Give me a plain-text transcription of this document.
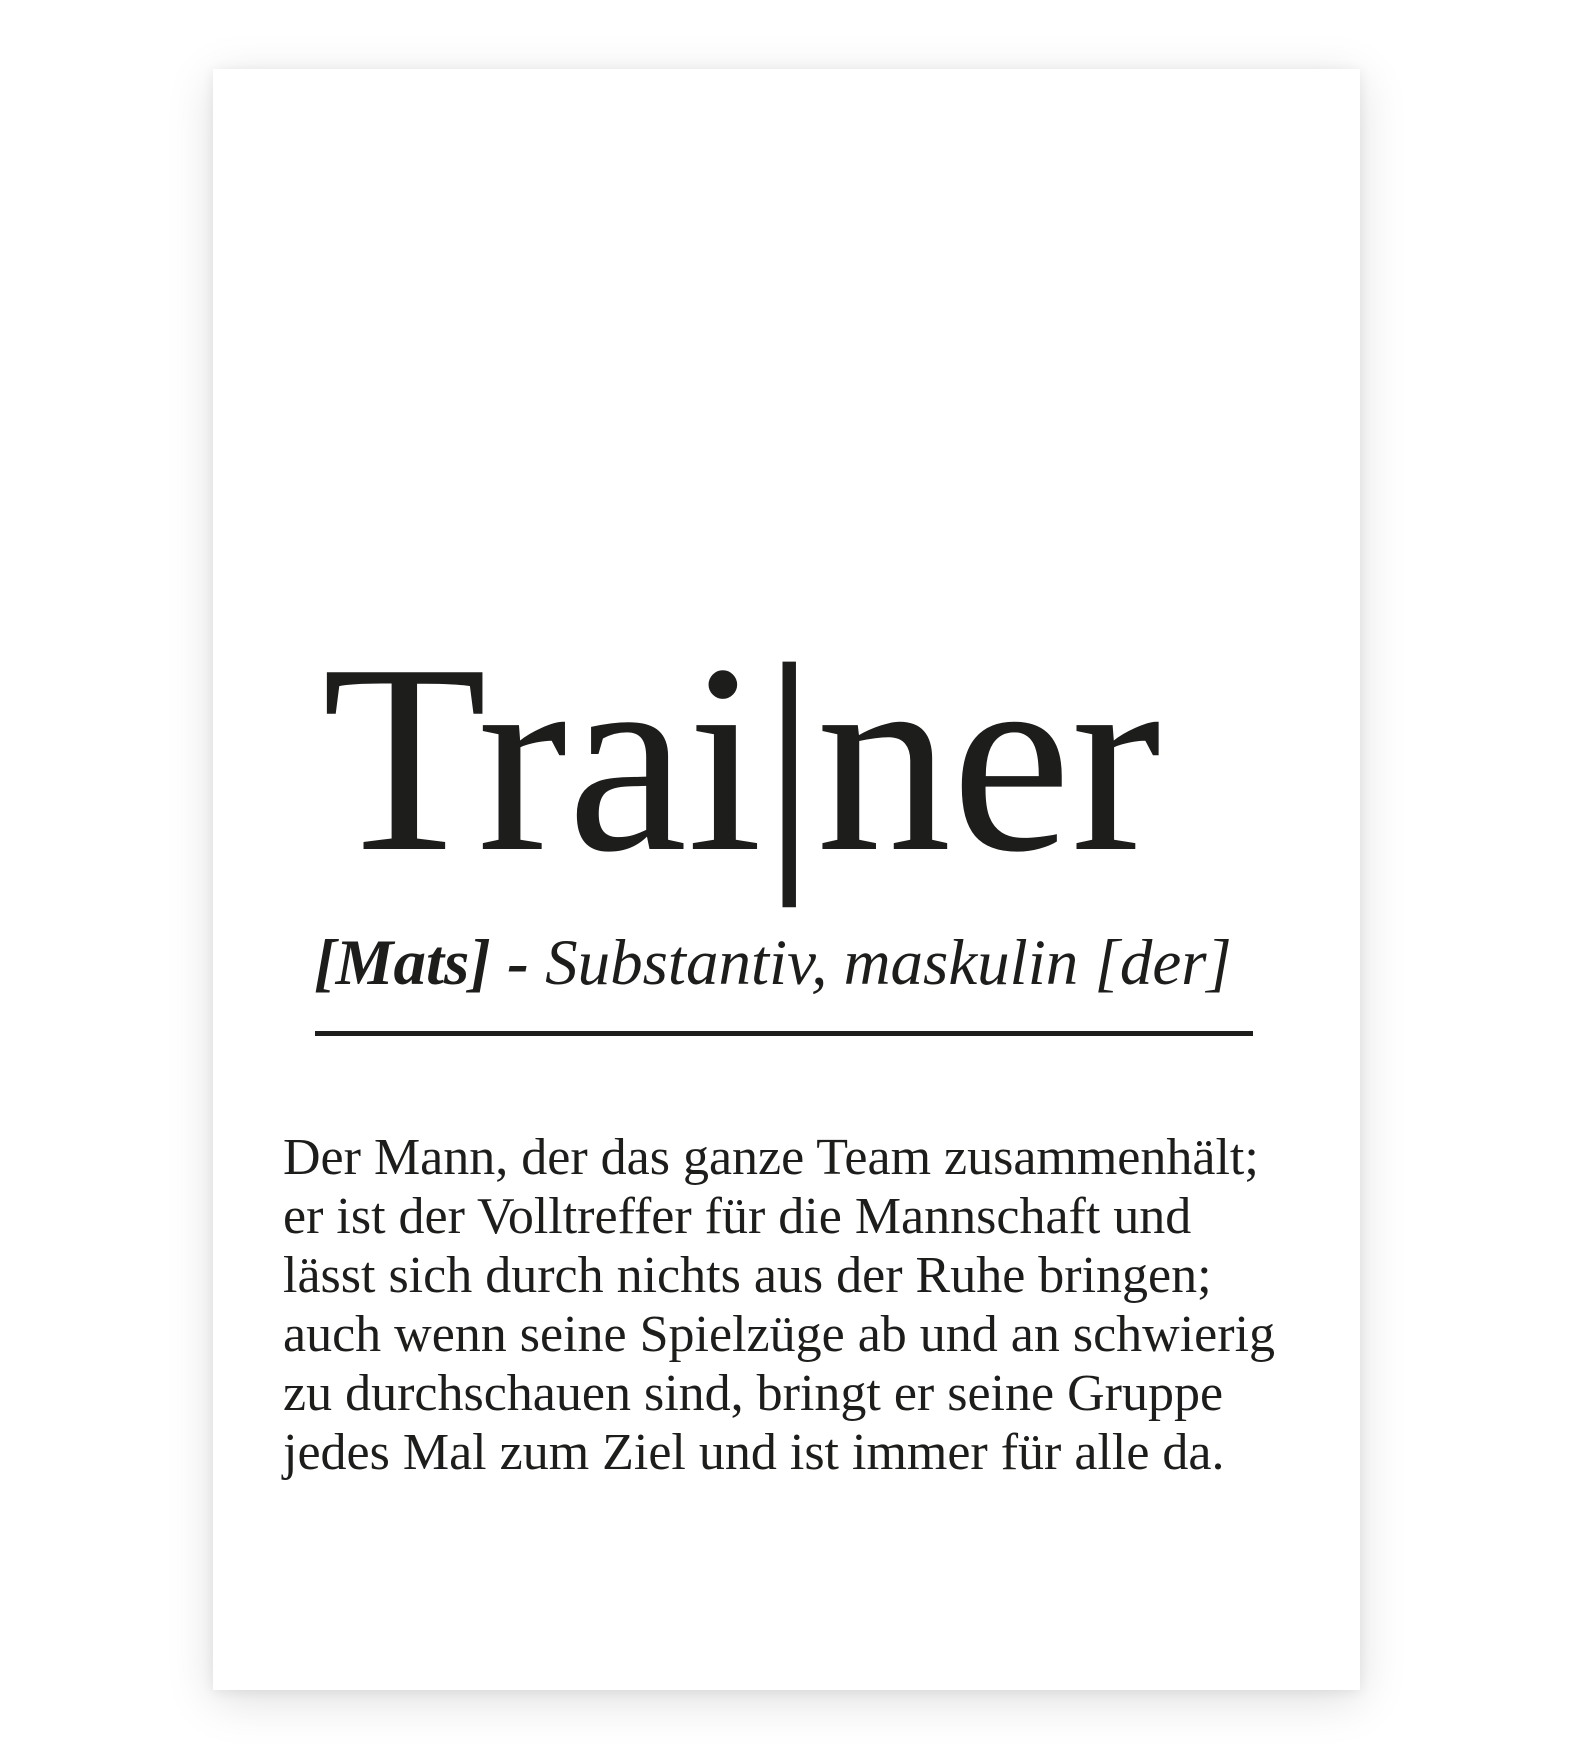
Trai|ner
[Mats] - Substantiv, maskulin [der]
Der Mann, der das ganze Team zusammenhält;
er ist der Volltreffer für die Mannschaft und
lässt sich durch nichts aus der Ruhe bringen;
auch wenn seine Spielzüge ab und an schwierig
zu durchschauen sind, bringt er seine Gruppe
jedes Mal zum Ziel und ist immer für alle da.
